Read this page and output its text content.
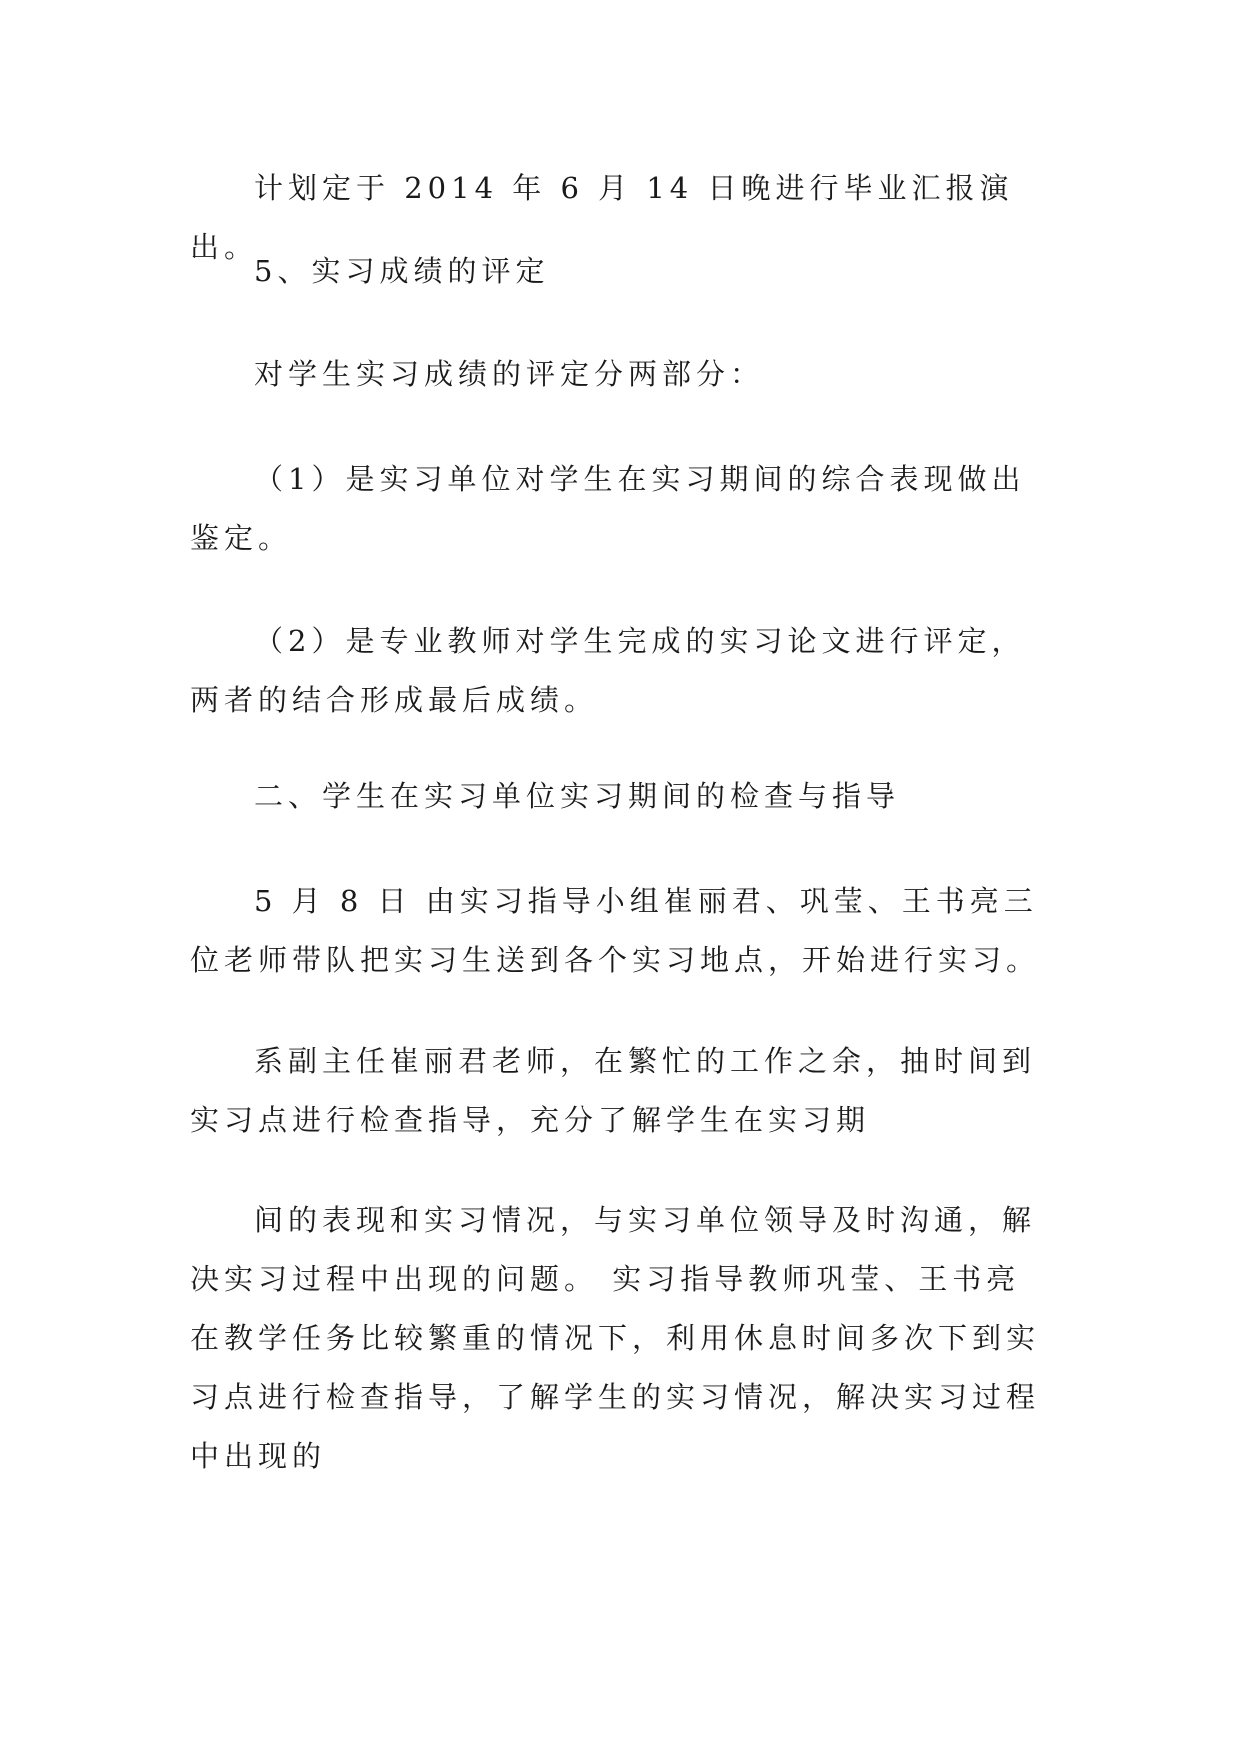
计划定于 2014 年 6 月 14 日晚进行毕业汇报演出。

5、实习成绩的评定

对学生实习成绩的评定分两部分：

（1）是实习单位对学生在实习期间的综合表现做出鉴定。

（2）是专业教师对学生完成的实习论文进行评定，两者的结合形成最后成绩。

二、学生在实习单位实习期间的检查与指导

5 月 8 日 由实习指导小组崔丽君、巩莹、王书亮三位老师带队把实习生送到各个实习地点，开始进行实习。

系副主任崔丽君老师，在繁忙的工作之余，抽时间到实习点进行检查指导，充分了解学生在实习期

间的表现和实习情况，与实习单位领导及时沟通，解决实习过程中出现的问题。 实习指导教师巩莹、王书亮在教学任务比较繁重的情况下，利用休息时间多次下到实习点进行检查指导，了解学生的实习情况，解决实习过程中出现的
